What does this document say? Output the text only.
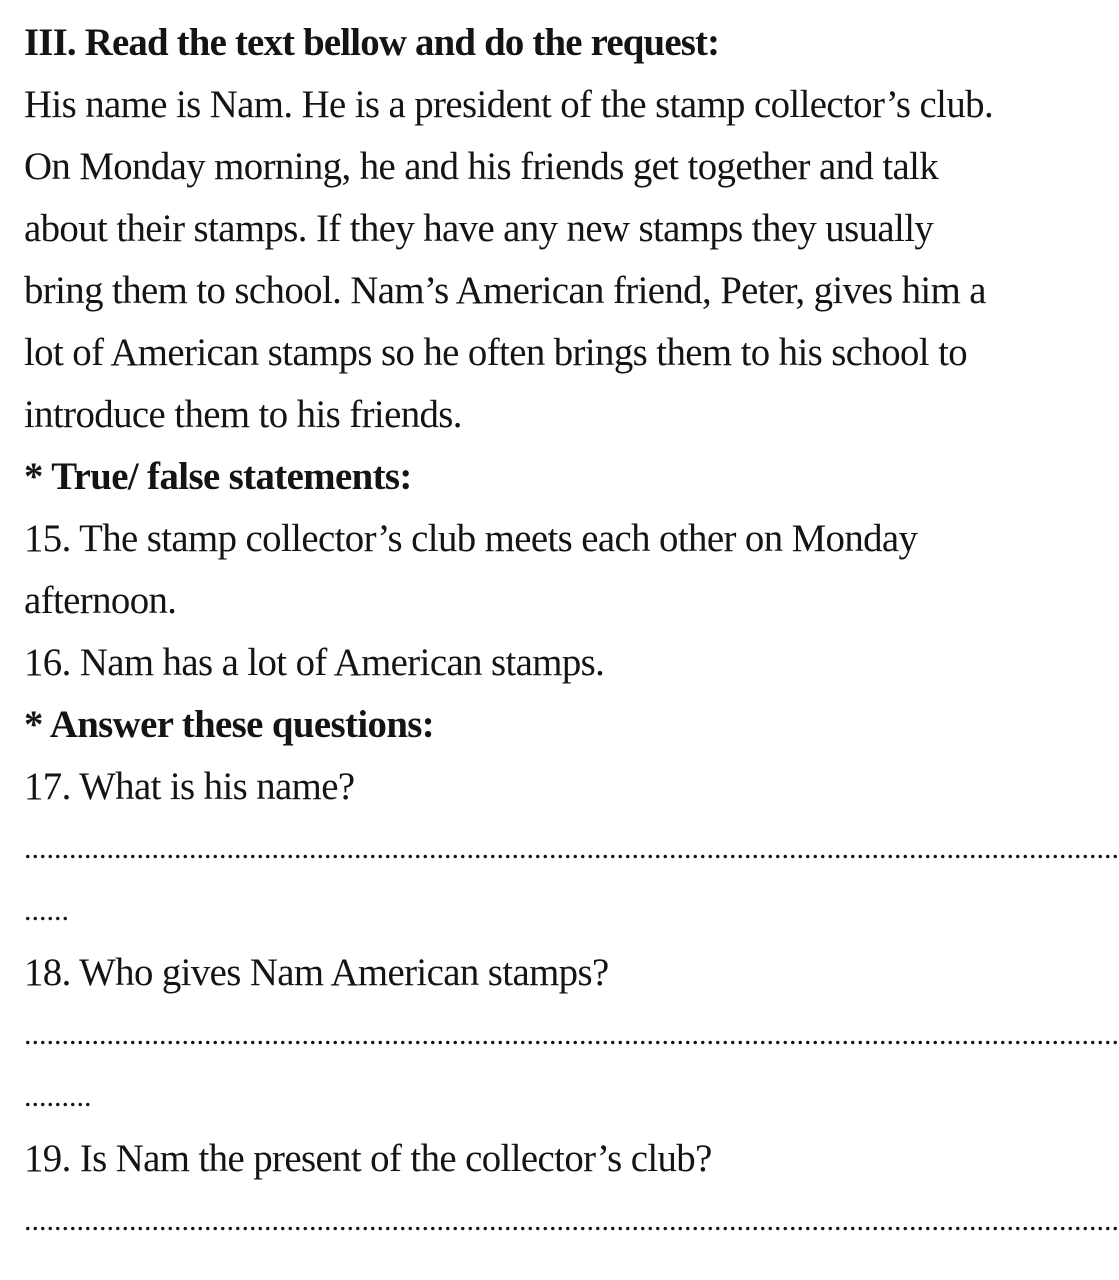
III. Read the text bellow and do the request:
His name is Nam. He is a president of the stamp collector’s club.
On Monday morning, he and his friends get together and talk
about their stamps. If they have any new stamps they usually
bring them to school. Nam’s American friend, Peter, gives him a
lot of American stamps so he often brings them to his school to
introduce them to his friends.
* True/ false statements:
15. The stamp collector’s club meets each other on Monday
afternoon.
16. Nam has a lot of American stamps.
* Answer these questions:
17. What is his name?
..................................................................................................................................................
......
18. Who gives Nam American stamps?
..................................................................................................................................................
.........
19. Is Nam the present of the collector’s club?
..................................................................................................................................................
